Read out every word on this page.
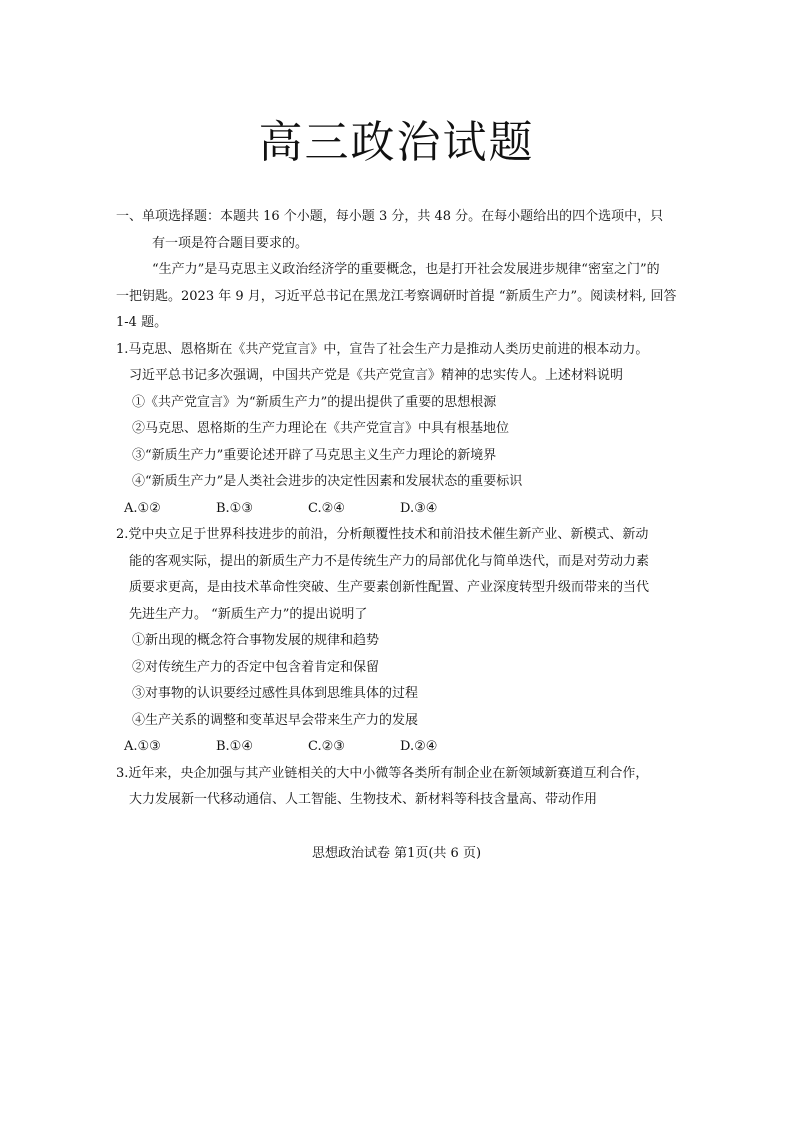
高三政治试题
一、单项选择题：本题共 16 个小题，每小题 3 分，共 48 分。在每小题给出的四个选项中，只
有一项是符合题目要求的。
“生产力”是马克思主义政治经济学的重要概念，也是打开社会发展进步规律“密室之门”的
一把钥匙。2023 年 9 月，习近平总书记在黑龙江考察调研时首提 “新质生产力”。阅读材料, 回答
1-4 题。
1.马克思、恩格斯在《共产党宣言》中，宣告了社会生产力是推动人类历史前进的根本动力。
习近平总书记多次强调，中国共产党是《共产党宣言》精神的忠实传人。上述材料说明
①《共产党宣言》为“新质生产力”的提出提供了重要的思想根源
②马克思、恩格斯的生产力理论在《共产党宣言》中具有根基地位
③“新质生产力”重要论述开辟了马克思主义生产力理论的新境界
④“新质生产力”是人类社会进步的决定性因素和发展状态的重要标识
A.①②	B.①③	C.②④	D.③④
2.党中央立足于世界科技进步的前沿，分析颠覆性技术和前沿技术催生新产业、新模式、新动
能的客观实际，提出的新质生产力不是传统生产力的局部优化与简单迭代，而是对劳动力素
质要求更高，是由技术革命性突破、生产要素创新性配置、产业深度转型升级而带来的当代
先进生产力。 “新质生产力”的提出说明了
①新出现的概念符合事物发展的规律和趋势
②对传统生产力的否定中包含着肯定和保留
③对事物的认识要经过感性具体到思维具体的过程
④生产关系的调整和变革迟早会带来生产力的发展
A.①③	B.①④	C.②③	D.②④
3.近年来，央企加强与其产业链相关的大中小微等各类所有制企业在新领域新赛道互利合作，
大力发展新一代移动通信、人工智能、生物技术、新材料等科技含量高、带动作用
思想政治试卷 第1页(共 6 页)
